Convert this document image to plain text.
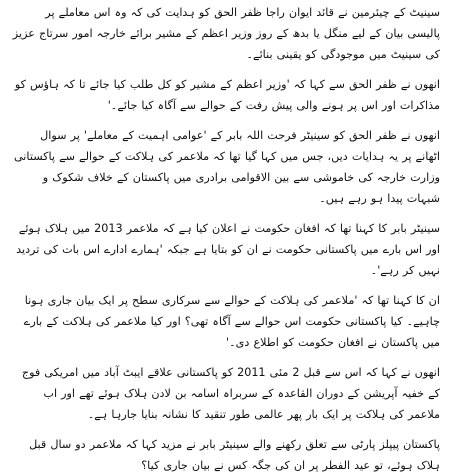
سینیٹ کے چیئرمین نے قائد ایوان راجا ظفر الحق کو ہدایت کی کہ وہ اس معاملے پر پالیسی بیان کے لیے منگل یا بدھ کے روز وزیر اعظم کے مشیر برائے خارجہ امور سرتاج عزیز کی سینیٹ میں موجودگی کو یقینی بنائے۔

انھوں نے ظفر الحق سے کہا کہ 'وزیر اعظم کے مشیر کو کل طلب کیا جائے تا کہ ہاؤس کو مذاکرات اور اس پر ہونے والی پیش رفت کے حوالے سے آگاہ کیا جائے۔'

انھوں نے ظفر الحق کو سینیٹر فرحت اللہ بابر کے 'عوامی اہمیت کے معاملے' پر سوال اٹھانے پر یہ ہدایات دیں، جس میں کہا گیا تھا کہ ملاعمر کی ہلاکت کے حوالے سے پاکستانی وزارت خارجہ کی خاموشی سے بین الاقوامی برادری میں پاکستان کے خلاف شکوک و شبہات پیدا ہو رہے ہیں۔

سینیٹر بابر کا کہنا تھا کہ افغان حکومت نے اعلان کیا ہے کہ ملاعمر 2013 میں ہلاک ہوئے اور اس بارے میں پاکستانی حکومت نے ان کو بتایا ہے جبکہ 'ہمارے ادارے اس بات کی تردید نہیں کر رہے'۔

ان کا کہنا تھا کہ 'ملاعمر کی ہلاکت کے حوالے سے سرکاری سطح پر ایک بیان جاری ہونا چاہیے۔ کیا پاکستانی حکومت اس حوالے سے آگاہ تھی؟ اور کیا ملاعمر کی ہلاکت کے بارے میں پاکستان نے افغان حکومت کو اطلاع دی۔'

انھوں نے کہا کہ اس سے قبل 2 مئی 2011 کو پاکستانی علاقے ایبٹ آباد میں امریکی فوج کے خفیہ آپریشن کے دوران القاعدہ کے سربراہ اسامہ بن لادن ہلاک ہوئے تھے اور اب ملاعمر کی ہلاکت پر ایک بار پھر عالمی طور تنقید کا نشانہ بنایا جارہا ہے۔

پاکستان پیپلز پارٹی سے تعلق رکھنے والے سینیٹر بابر نے مزید کہا کہ ملاعمر دو سال قبل ہلاک ہوئے، تو عید الفطر پر ان کی جگہ کس نے بیان جاری کیا؟
